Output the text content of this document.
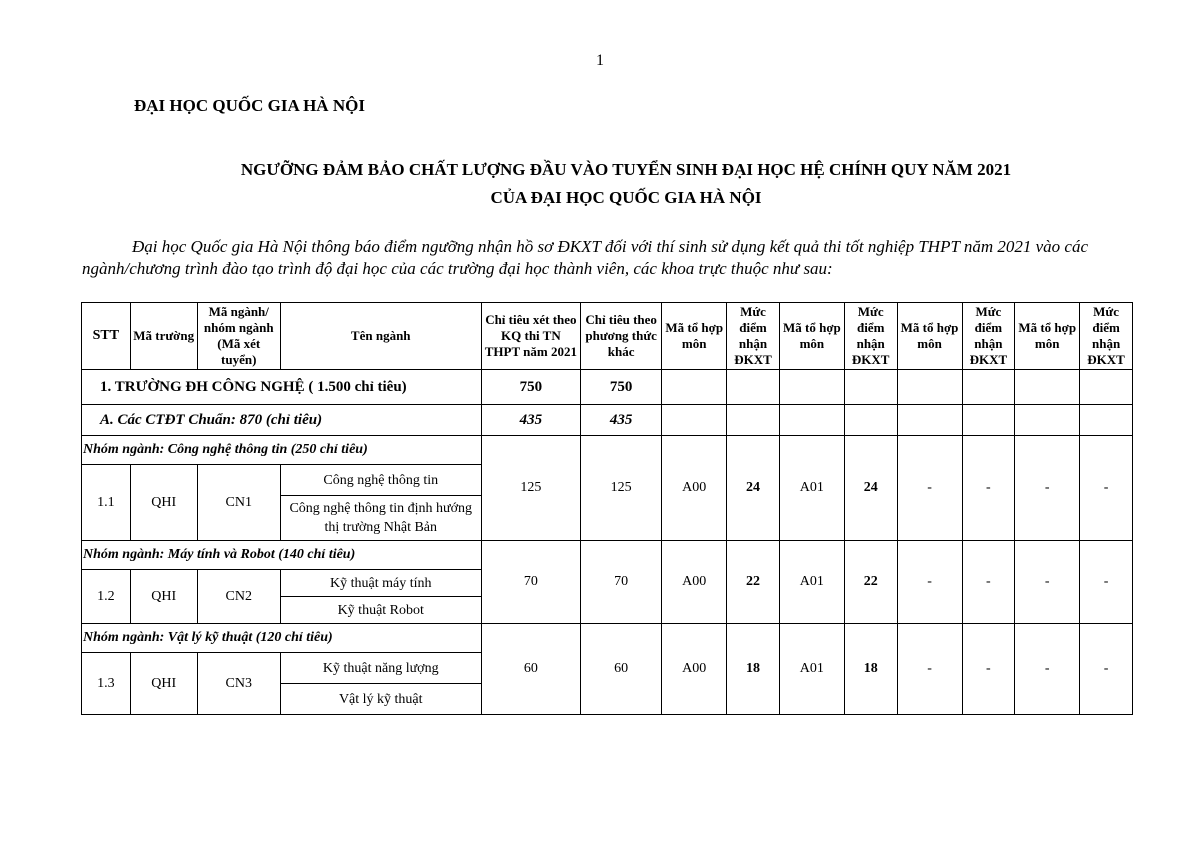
1
ĐẠI HỌC QUỐC GIA HÀ NỘI
NGƯỠNG ĐẢM BẢO CHẤT LƯỢNG ĐẦU VÀO TUYỂN SINH ĐẠI HỌC HỆ CHÍNH QUY NĂM 2021
CỦA ĐẠI HỌC QUỐC GIA HÀ NỘI
Đại học Quốc gia Hà Nội thông báo điểm ngưỡng nhận hồ sơ ĐKXT đối với thí sinh sử dụng kết quả thi tốt nghiệp THPT năm 2021 vào các ngành/chương trình đào tạo trình độ đại học của các trường đại học thành viên, các khoa trực thuộc như sau:
STT	Mã trường	Mã ngành/ nhóm ngành (Mã xét tuyển)	Tên ngành	Chỉ tiêu xét theo KQ thi TN THPT năm 2021	Chỉ tiêu theo phương thức khác	Mã tổ hợp môn	Mức điểm nhận ĐKXT	Mã tổ hợp môn	Mức điểm nhận ĐKXT	Mã tổ hợp môn	Mức điểm nhận ĐKXT	Mã tổ hợp môn	Mức điểm nhận ĐKXT
1. TRƯỜNG ĐH CÔNG NGHỆ ( 1.500 chỉ tiêu)				750	750								
A. Các CTĐT Chuẩn: 870 (chỉ tiêu)				435	435								
Nhóm ngành: Công nghệ thông tin (250 chỉ tiêu)				125	125	A00	24	A01	24	-	-	-	-
1.1	QHI	CN1	Công nghệ thông tin										
			Công nghệ thông tin định hướng thị trường Nhật Bản										
Nhóm ngành: Máy tính và Robot (140 chỉ tiêu)				70	70	A00	22	A01	22	-	-	-	-
1.2	QHI	CN2	Kỹ thuật máy tính										
			Kỹ thuật Robot										
Nhóm ngành: Vật lý kỹ thuật (120 chỉ tiêu)				60	60	A00	18	A01	18	-	-	-	-
1.3	QHI	CN3	Kỹ thuật năng lượng										
			Vật lý kỹ thuật										
